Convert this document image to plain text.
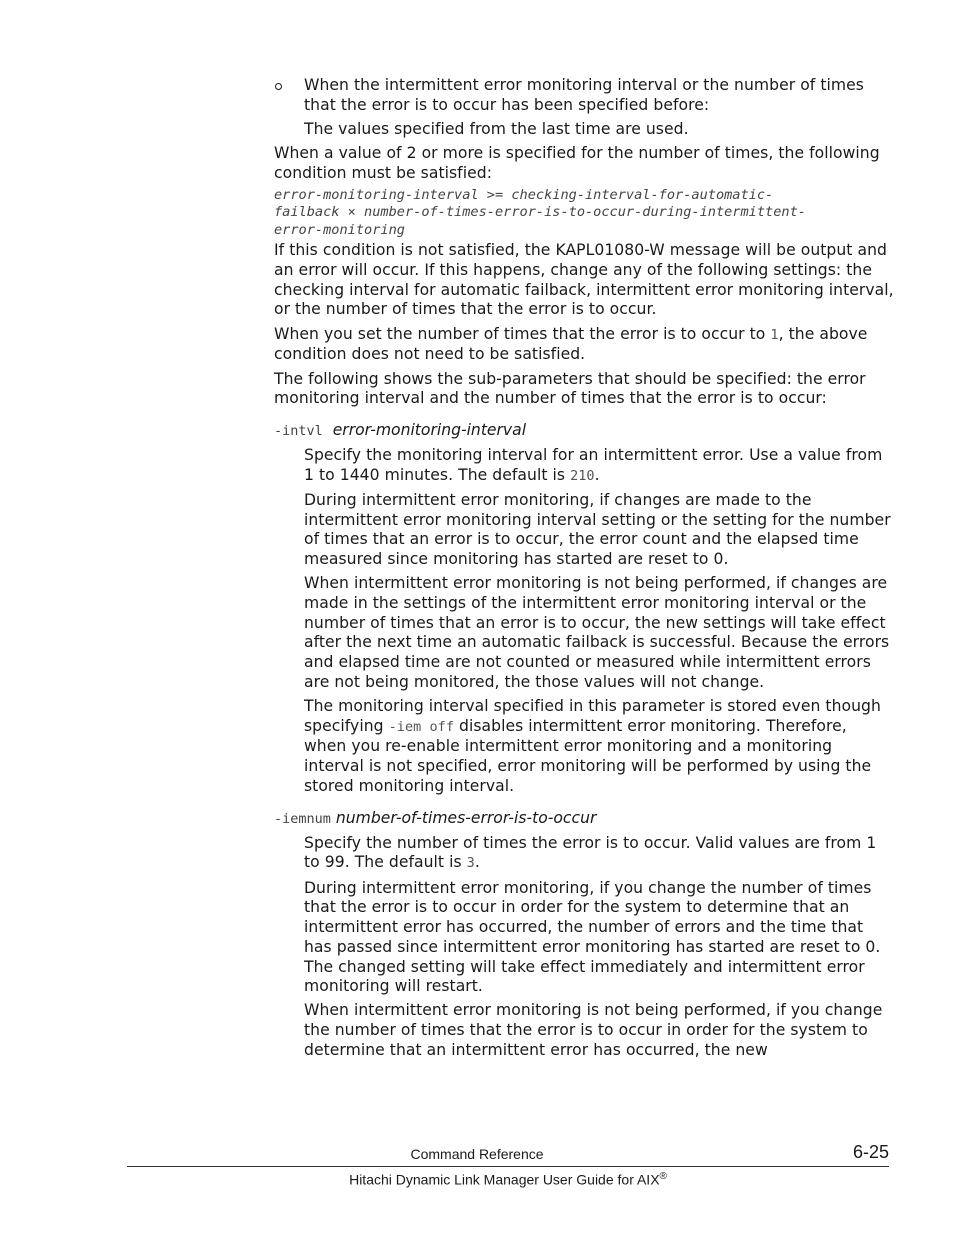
When the intermittent error monitoring interval or the number of times that the error is to occur has been specified before:

The values specified from the last time are used.

When a value of 2 or more is specified for the number of times, the following condition must be satisfied:

error-monitoring-interval >= checking-interval-for-automatic-
failback × number-of-times-error-is-to-occur-during-intermittent-
error-monitoring

If this condition is not satisfied, the KAPL01080-W message will be output and an error will occur. If this happens, change any of the following settings: the checking interval for automatic failback, intermittent error monitoring interval, or the number of times that the error is to occur.

When you set the number of times that the error is to occur to 1, the above condition does not need to be satisfied.

The following shows the sub-parameters that should be specified: the error monitoring interval and the number of times that the error is to occur:

-intvl error-monitoring-interval

Specify the monitoring interval for an intermittent error. Use a value from 1 to 1440 minutes. The default is 210.

During intermittent error monitoring, if changes are made to the intermittent error monitoring interval setting or the setting for the number of times that an error is to occur, the error count and the elapsed time measured since monitoring has started are reset to 0.

When intermittent error monitoring is not being performed, if changes are made in the settings of the intermittent error monitoring interval or the number of times that an error is to occur, the new settings will take effect after the next time an automatic failback is successful. Because the errors and elapsed time are not counted or measured while intermittent errors are not being monitored, the those values will not change.

The monitoring interval specified in this parameter is stored even though specifying -iem off disables intermittent error monitoring. Therefore, when you re-enable intermittent error monitoring and a monitoring interval is not specified, error monitoring will be performed by using the stored monitoring interval.

-iemnum number-of-times-error-is-to-occur

Specify the number of times the error is to occur. Valid values are from 1 to 99. The default is 3.

During intermittent error monitoring, if you change the number of times that the error is to occur in order for the system to determine that an intermittent error has occurred, the number of errors and the time that has passed since intermittent error monitoring has started are reset to 0. The changed setting will take effect immediately and intermittent error monitoring will restart.

When intermittent error monitoring is not being performed, if you change the number of times that the error is to occur in order for the system to determine that an intermittent error has occurred, the new

Command Reference	6-25
Hitachi Dynamic Link Manager User Guide for AIX®
